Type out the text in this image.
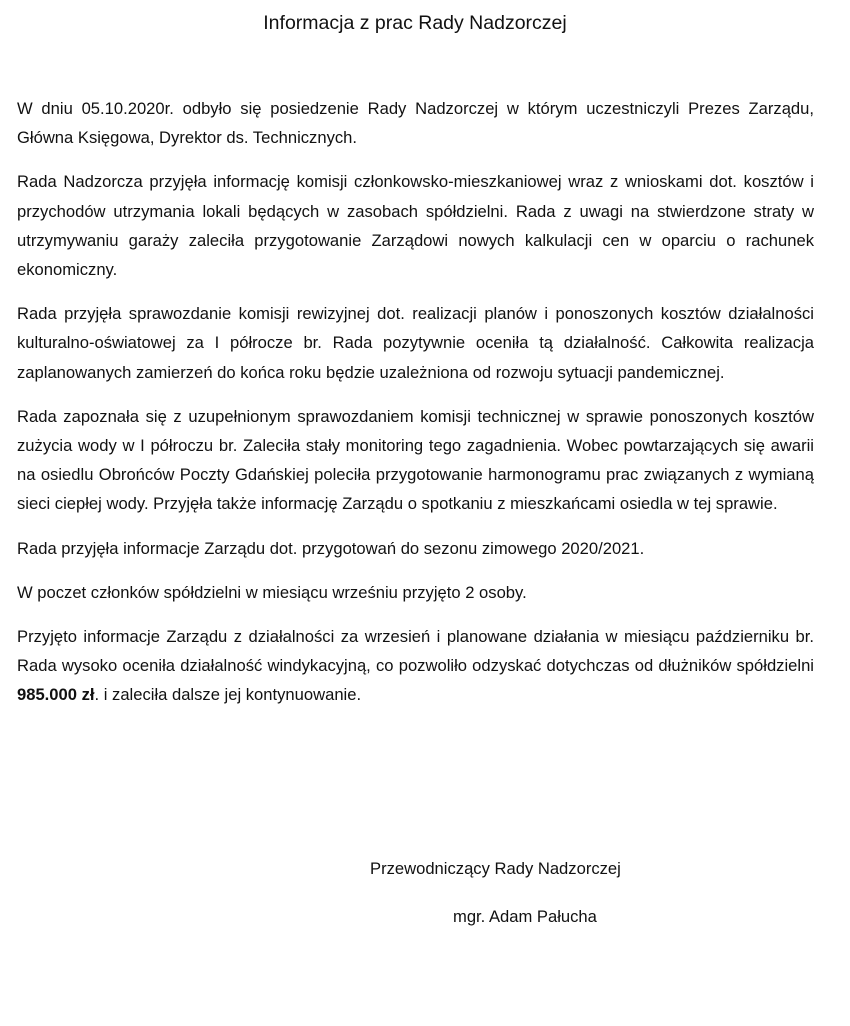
Informacja z prac Rady Nadzorczej

W dniu 05.10.2020r. odbyło się posiedzenie Rady Nadzorczej w którym uczestniczyli Prezes Zarządu, Główna Księgowa, Dyrektor ds. Technicznych.

Rada Nadzorcza przyjęła informację komisji członkowsko-mieszkaniowej wraz z wnioskami dot. kosztów i przychodów utrzymania lokali będących w zasobach spółdzielni. Rada z uwagi na stwierdzone straty w utrzymywaniu garaży zaleciła przygotowanie Zarządowi nowych kalkulacji cen w oparciu o rachunek ekonomiczny.

Rada przyjęła sprawozdanie komisji rewizyjnej dot. realizacji planów i ponoszonych kosztów działalności kulturalno-oświatowej za I półrocze br. Rada pozytywnie oceniła tą działalność. Całkowita realizacja zaplanowanych zamierzeń do końca roku będzie uzależniona od rozwoju sytuacji pandemicznej.

Rada zapoznała się z uzupełnionym sprawozdaniem komisji technicznej w sprawie ponoszonych kosztów zużycia wody w I półroczu br. Zaleciła stały monitoring tego zagadnienia. Wobec powtarzających się awarii na osiedlu Obrońców Poczty Gdańskiej poleciła przygotowanie harmonogramu prac związanych z wymianą sieci ciepłej wody. Przyjęła także informację Zarządu o spotkaniu z mieszkańcami osiedla w tej sprawie.

Rada przyjęła informacje Zarządu dot. przygotowań do sezonu zimowego 2020/2021.

W poczet członków spółdzielni w miesiącu wrześniu przyjęto 2 osoby.

Przyjęto informacje Zarządu z działalności za wrzesień i planowane działania w miesiącu październiku br. Rada wysoko oceniła działalność windykacyjną, co pozwoliło odzyskać dotychczas od dłużników spółdzielni 985.000 zł. i zaleciła dalsze jej kontynuowanie.

Przewodniczący Rady Nadzorczej
mgr. Adam Pałucha
